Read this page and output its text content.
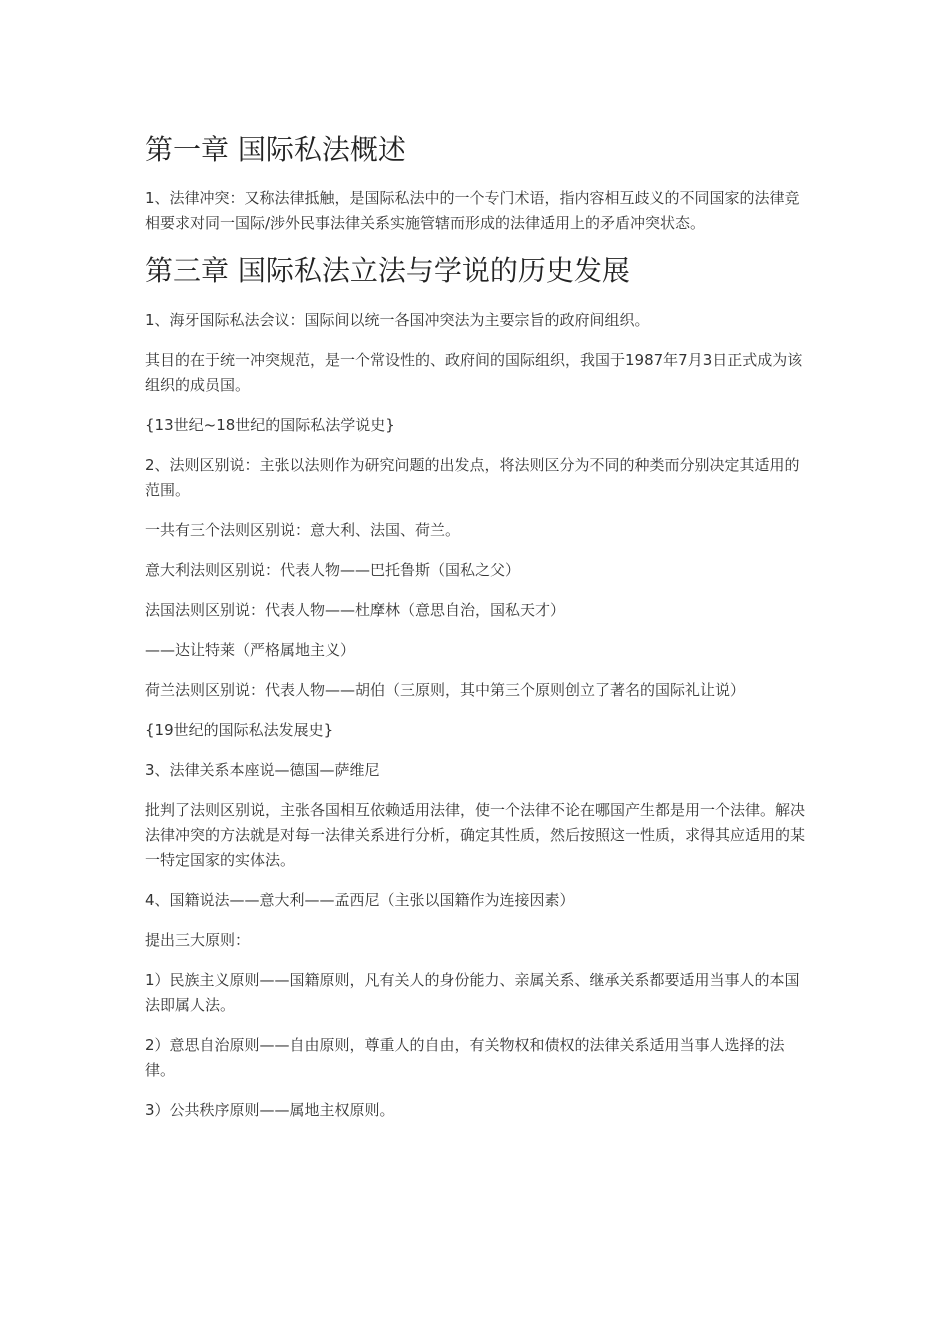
第一章 国际私法概述

1、法律冲突：又称法律抵触，是国际私法中的一个专门术语，指内容相互歧义的不同国家的法律竞相要求对同一国际/涉外民事法律关系实施管辖而形成的法律适用上的矛盾冲突状态。

第三章 国际私法立法与学说的历史发展

1、海牙国际私法会议：国际间以统一各国冲突法为主要宗旨的政府间组织。

其目的在于统一冲突规范，是一个常设性的、政府间的国际组织，我国于1987年7月3日正式成为该组织的成员国。

{13世纪~18世纪的国际私法学说史}

2、法则区别说：主张以法则作为研究问题的出发点，将法则区分为不同的种类而分别决定其适用的范围。

一共有三个法则区别说：意大利、法国、荷兰。

意大利法则区别说：代表人物——巴托鲁斯（国私之父）

法国法则区别说：代表人物——杜摩林（意思自治，国私天才）

——达让特莱（严格属地主义）

荷兰法则区别说：代表人物——胡伯（三原则，其中第三个原则创立了著名的国际礼让说）

{19世纪的国际私法发展史}

3、法律关系本座说—德国—萨维尼

批判了法则区别说，主张各国相互依赖适用法律，使一个法律不论在哪国产生都是用一个法律。解决法律冲突的方法就是对每一法律关系进行分析，确定其性质，然后按照这一性质，求得其应适用的某一特定国家的实体法。

4、国籍说法——意大利——孟西尼（主张以国籍作为连接因素）

提出三大原则：

1）民族主义原则——国籍原则，凡有关人的身份能力、亲属关系、继承关系都要适用当事人的本国法即属人法。

2）意思自治原则——自由原则，尊重人的自由，有关物权和债权的法律关系适用当事人选择的法律。

3）公共秩序原则——属地主权原则。
